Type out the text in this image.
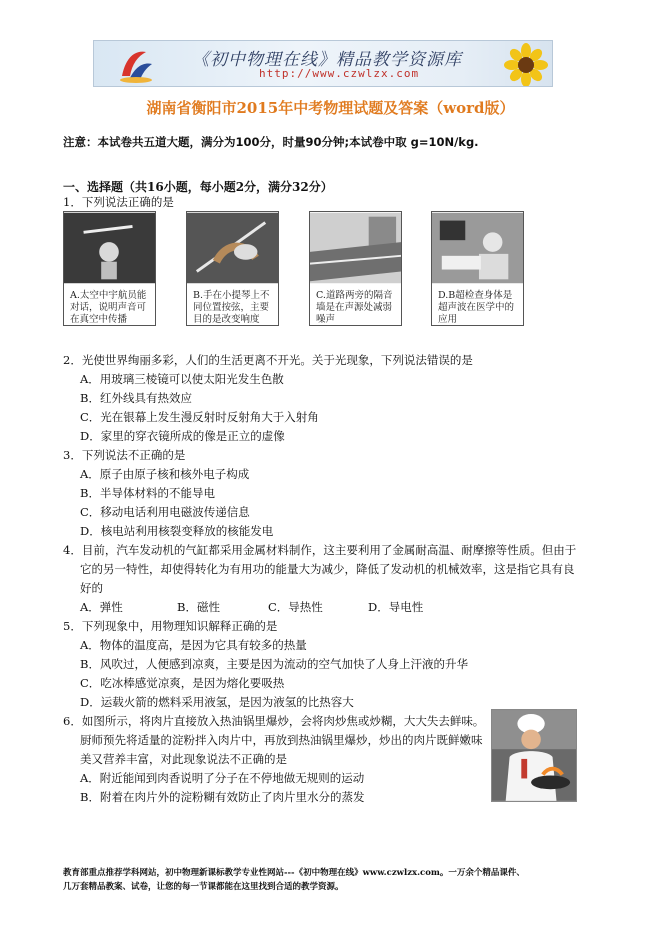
《初中物理在线》精品教学资源库
http://www.czwlzx.com
湖南省衡阳市2015年中考物理试题及答案（word版）
注意：本试卷共五道大题，满分为100分，时量90分钟;本试卷中取 g=10N/kg.
一、选择题（共16小题，每小题2分，满分32分）
1．下列说法正确的是
A.太空中宇航员能对话，说明声音可在真空中传播
B.手在小提琴上不同位置按弦，主要目的是改变响度
C.道路两旁的隔音墙是在声源处减弱噪声
D.B超检查身体是超声波在医学中的应用
2．光使世界绚丽多彩，人们的生活更离不开光。关于光现象，下列说法错误的是
A．用玻璃三棱镜可以使太阳光发生色散
B．红外线具有热效应
C．光在银幕上发生漫反射时反射角大于入射角
D．家里的穿衣镜所成的像是正立的虚像
3．下列说法不正确的是
A．原子由原子核和核外电子构成
B．半导体材料的不能导电
C．移动电话利用电磁波传递信息
D．核电站利用核裂变释放的核能发电
4．目前，汽车发动机的气缸都采用金属材料制作，这主要利用了金属耐高温、耐摩擦等性质。但由于
它的另一特性，却使得转化为有用功的能量大为减少，降低了发动机的机械效率，这是指它具有良
好的
A．弹性	B．磁性	C．导热性	D．导电性
5．下列现象中，用物理知识解释正确的是
A．物体的温度高，是因为它具有较多的热量
B．风吹过，人便感到凉爽，主要是因为流动的空气加快了人身上汗液的升华
C．吃冰棒感觉凉爽，是因为熔化要吸热
D．运载火箭的燃料采用液氢，是因为液氢的比热容大
6．如图所示，将肉片直接放入热油锅里爆炒，会将肉炒焦或炒糊，大大失去鲜味。
厨师预先将适量的淀粉拌入肉片中，再放到热油锅里爆炒，炒出的肉片既鲜嫩味
美又营养丰富，对此现象说法不正确的是
A．附近能闻到肉香说明了分子在不停地做无规则的运动
B．附着在肉片外的淀粉糊有效防止了肉片里水分的蒸发
教育部重点推荐学科网站，初中物理新课标教学专业性网站---《初中物理在线》www.czwlzx.com。一万余个精品课件、
几万套精品教案、试卷，让您的每一节课都能在这里找到合适的教学资源。
